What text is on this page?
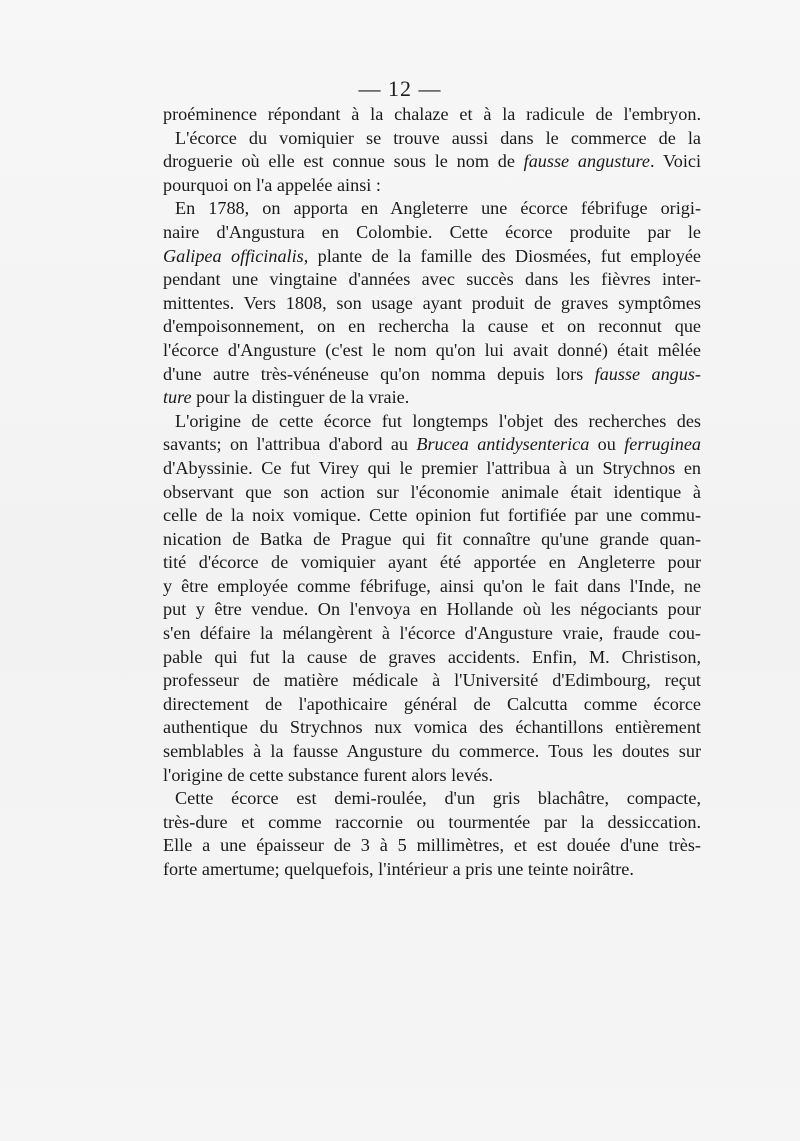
— 12 —
proéminence répondant à la chalaze et à la radicule de l'embryon.
L'écorce du vomiquier se trouve aussi dans le commerce de la
droguerie où elle est connue sous le nom de fausse angusture. Voici
pourquoi on l'a appelée ainsi :
En 1788, on apporta en Angleterre une écorce fébrifuge origi-
naire d'Angustura en Colombie. Cette écorce produite par le
Galipea officinalis, plante de la famille des Diosmées, fut employée
pendant une vingtaine d'années avec succès dans les fièvres inter-
mittentes. Vers 1808, son usage ayant produit de graves symptômes
d'empoisonnement, on en rechercha la cause et on reconnut que
l'écorce d'Angusture (c'est le nom qu'on lui avait donné) était mêlée
d'une autre très-vénéneuse qu'on nomma depuis lors fausse angus-
ture pour la distinguer de la vraie.
L'origine de cette écorce fut longtemps l'objet des recherches des
savants; on l'attribua d'abord au Brucea antidysenterica ou ferruginea
d'Abyssinie. Ce fut Virey qui le premier l'attribua à un Strychnos en
observant que son action sur l'économie animale était identique à
celle de la noix vomique. Cette opinion fut fortifiée par une commu-
nication de Batka de Prague qui fit connaître qu'une grande quan-
tité d'écorce de vomiquier ayant été apportée en Angleterre pour
y être employée comme fébrifuge, ainsi qu'on le fait dans l'Inde, ne
put y être vendue. On l'envoya en Hollande où les négociants pour
s'en défaire la mélangèrent à l'écorce d'Angusture vraie, fraude cou-
pable qui fut la cause de graves accidents. Enfin, M. Christison,
professeur de matière médicale à l'Université d'Edimbourg, reçut
directement de l'apothicaire général de Calcutta comme écorce
authentique du Strychnos nux vomica des échantillons entièrement
semblables à la fausse Angusture du commerce. Tous les doutes sur
l'origine de cette substance furent alors levés.
Cette écorce est demi-roulée, d'un gris blachâtre, compacte,
très-dure et comme raccornie ou tourmentée par la dessiccation.
Elle a une épaisseur de 3 à 5 millimètres, et est douée d'une très-
forte amertume; quelquefois, l'intérieur a pris une teinte noirâtre.
